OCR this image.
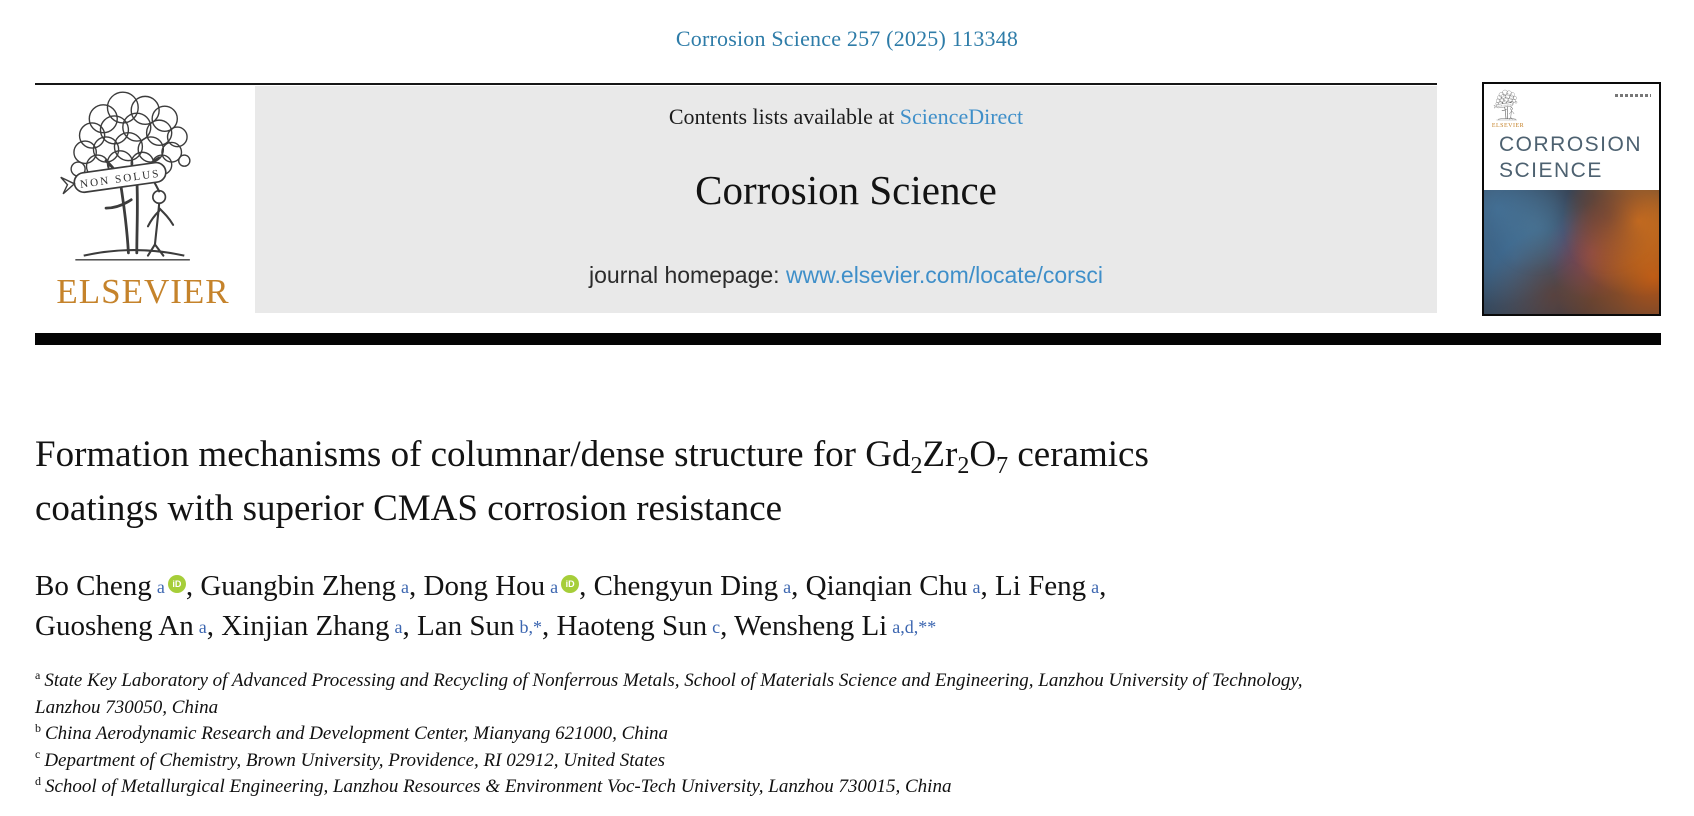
Corrosion Science 257 (2025) 113348
ELSEVIER
Contents lists available at ScienceDirect
Corrosion Science
journal homepage: www.elsevier.com/locate/corsci
ELSEVIER
CORROSION
SCIENCE
Formation mechanisms of columnar/dense structure for Gd2Zr2O7 ceramics
coatings with superior CMAS corrosion resistance
Bo Cheng a iD , Guangbin Zheng a, Dong Hou a iD , Chengyun Ding a, Qianqian Chu a, Li Feng a,
Guosheng An a, Xinjian Zhang a, Lan Sun b,*, Haoteng Sun c, Wensheng Li a,d,**
$^a$ State Key Laboratory of Advanced Processing and Recycling of Nonferrous Metals, School of Materials Science and Engineering, Lanzhou University of Technology,
Lanzhou 730050, China
$^b$ China Aerodynamic Research and Development Center, Mianyang 621000, China
$^c$ Department of Chemistry, Brown University, Providence, RI 02912, United States
$^d$ School of Metallurgical Engineering, Lanzhou Resources & Environment Voc-Tech University, Lanzhou 730015, China
